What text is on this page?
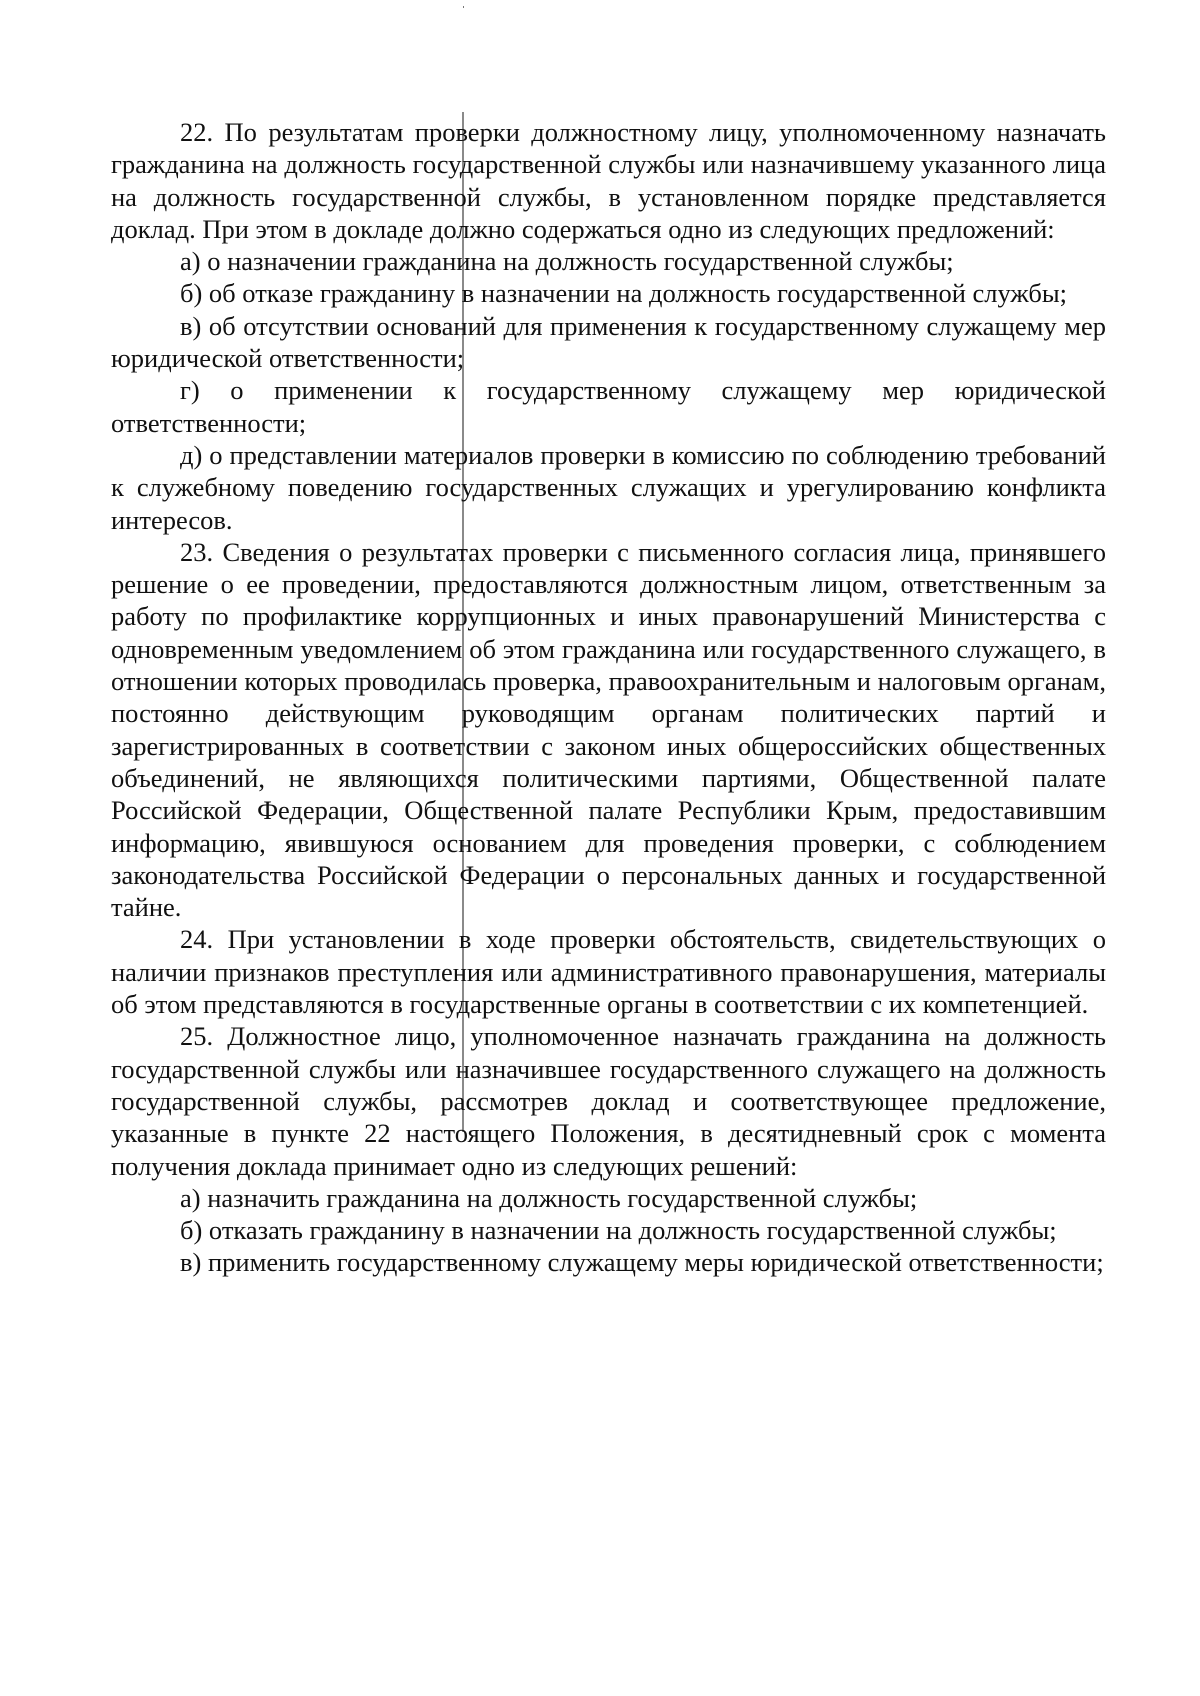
22. По результатам проверки должностному лицу, уполномоченному назначать гражданина на должность государственной службы или назначившему указанного лица на должность государственной службы, в установленном порядке представляется доклад. При этом в докладе должно содержаться одно из следующих предложений:

а) о назначении гражданина на должность государственной службы;

б) об отказе гражданину в назначении на должность государственной службы;

в) об отсутствии оснований для применения к государственному служащему мер юридической ответственности;

г) о применении к государственному служащему мер юридической ответственности;

д) о представлении материалов проверки в комиссию по соблюдению требований к служебному поведению государственных служащих и урегулированию конфликта интересов.

23. Сведения о результатах проверки с письменного согласия лица, принявшего решение о ее проведении, предоставляются должностным лицом, ответственным за работу по профилактике коррупционных и иных правонарушений Министерства с одновременным уведомлением об этом гражданина или государственного служащего, в отношении которых проводилась проверка, правоохранительным и налоговым органам, постоянно действующим руководящим органам политических партий и зарегистрированных в соответствии с законом иных общероссийских общественных объединений, не являющихся политическими партиями, Общественной палате Российской Федерации, Общественной палате Республики Крым, предоставившим информацию, явившуюся основанием для проведения проверки, с соблюдением законодательства Российской Федерации о персональных данных и государственной тайне.

24. При установлении в ходе проверки обстоятельств, свидетельствующих о наличии признаков преступления или административного правонарушения, материалы об этом представляются в государственные органы в соответствии с их компетенцией.

25. Должностное лицо, уполномоченное назначать гражданина на должность государственной службы или назначившее государственного служащего на должность государственной службы, рассмотрев доклад и соответствующее предложение, указанные в пункте 22 настоящего Положения, в десятидневный срок с момента получения доклада принимает одно из следующих решений:

а) назначить гражданина на должность государственной службы;

б) отказать гражданину в назначении на должность государственной службы;

в) применить государственному служащему меры юридической ответственности;
